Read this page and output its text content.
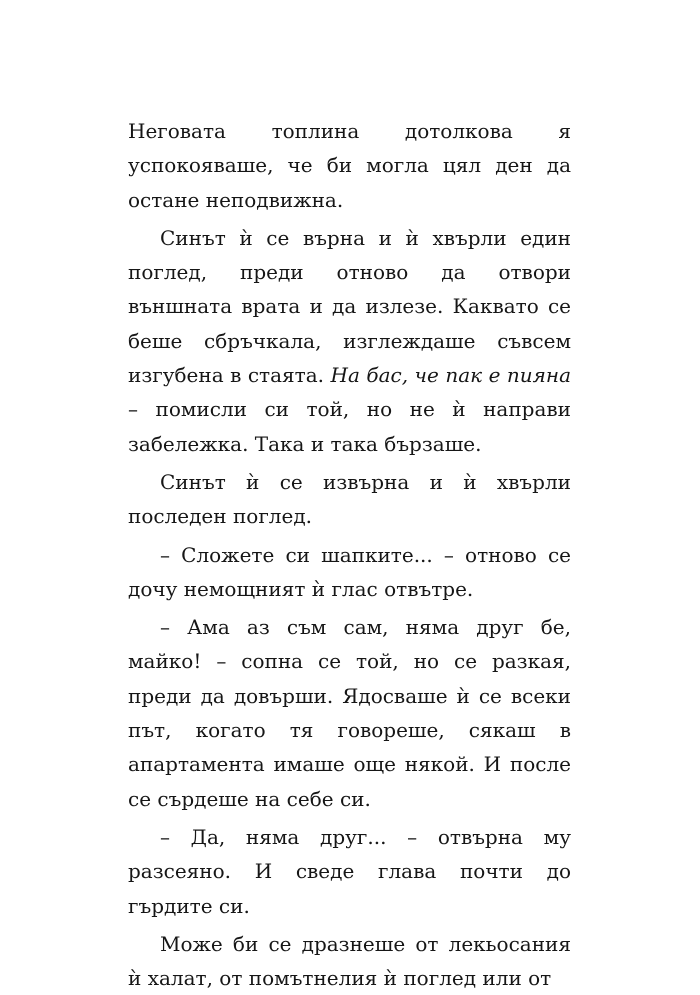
Неговата топлина дотолкова я успокояваше, че би могла цял ден да остане неподвижна.

Синът ѝ се върна и ѝ хвърли един поглед, преди отново да отвори външната врата и да излезе. Каквато се беше сбръчкала, изглеждаше съвсем изгубена в стаята. На бас, че пак е пияна – помисли си той, но не ѝ направи забележка. Така и така бързаше.

Синът ѝ се извърна и ѝ хвърли последен поглед.

– Сложете си шапките... – отново се дочу немощният ѝ глас отвътре.

– Ама аз съм сам, няма друг бе, майко! – сопна се той, но се разкая, преди да довърши. Ядосваше ѝ се всеки път, когато тя говореше, сякаш в апартамента имаше още някой. И после се сърдеше на себе си.

– Да, няма друг... – отвърна му разсеяно. И сведе глава почти до гърдите си.

Може би се дразнеше от лекьосания ѝ халат, от помътнелия ѝ поглед или от
